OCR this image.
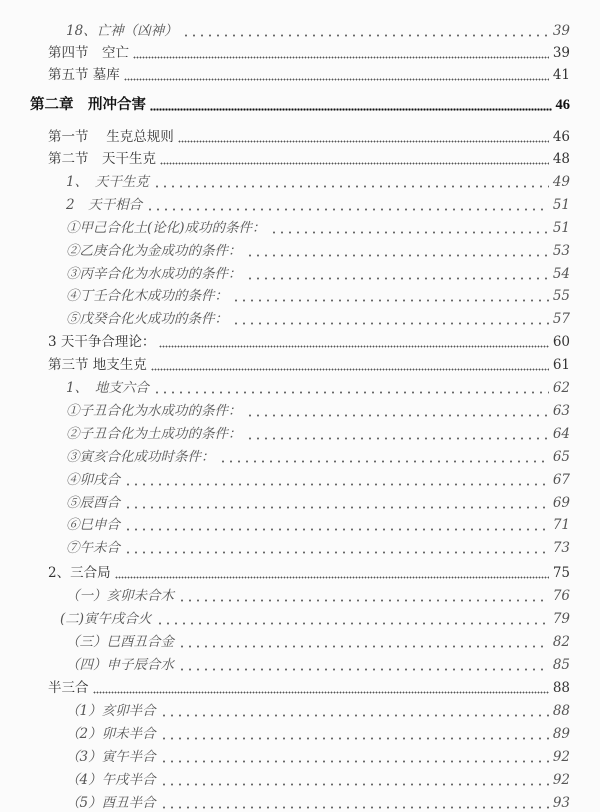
18、亡神（凶神）	39
第四节　空亡	39
第五节 墓库	41
第二章　刑冲合害	46
第一节　 生克总规则	46
第二节　天干生克	48
1、　天干生克	49
2　天干相合	51
①甲己合化土(论化)成功的条件：	51
②乙庚合化为金成功的条件：	53
③丙辛合化为水成功的条件：	54
④丁壬合化木成功的条件：	55
⑤戊癸合化火成功的条件：	57
3 天干争合理论：	60
第三节 地支生克	61
1、　地支六合	62
①子丑合化为水成功的条件：	63
②子丑合化为土成功的条件：	64
③寅亥合化成功时条件：	65
④卯戌合	67
⑤辰酉合	69
⑥巳申合	71
⑦午未合	73
2、三合局	75
（一）亥卯未合木	76
(二)寅午戌合火	79
（三）巳酉丑合金	82
（四）申子辰合水	85
半三合	88
（1）亥卯半合	88
（2）卯未半合	89
（3）寅午半合	92
（4）午戌半合	92
（5）酉丑半合	93
